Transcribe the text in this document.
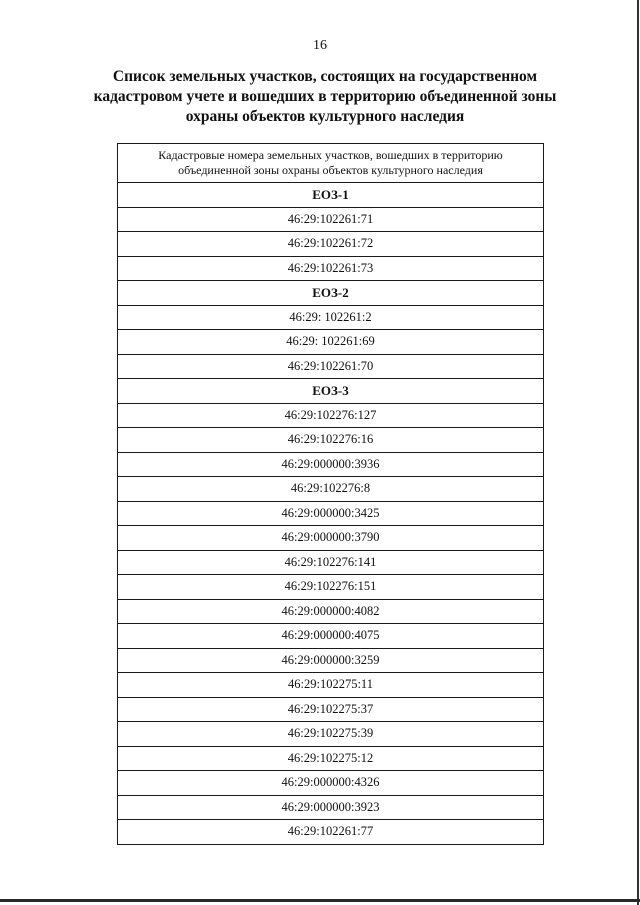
16
Список земельных участков, состоящих на государственном
кадастровом учете и вошедших в территорию объединенной зоны
охраны объектов культурного наследия
Кадастровые номера земельных участков, вошедших в территорию
объединенной зоны охраны объектов культурного наследия

ЕОЗ-1
46:29:102261:71
46:29:102261:72
46:29:102261:73
ЕОЗ-2
46:29: 102261:2
46:29: 102261:69
46:29:102261:70
ЕОЗ-3
46:29:102276:127
46:29:102276:16
46:29:000000:3936
46:29:102276:8
46:29:000000:3425
46:29:000000:3790
46:29:102276:141
46:29:102276:151
46:29:000000:4082
46:29:000000:4075
46:29:000000:3259
46:29:102275:11
46:29:102275:37
46:29:102275:39
46:29:102275:12
46:29:000000:4326
46:29:000000:3923
46:29:102261:77
